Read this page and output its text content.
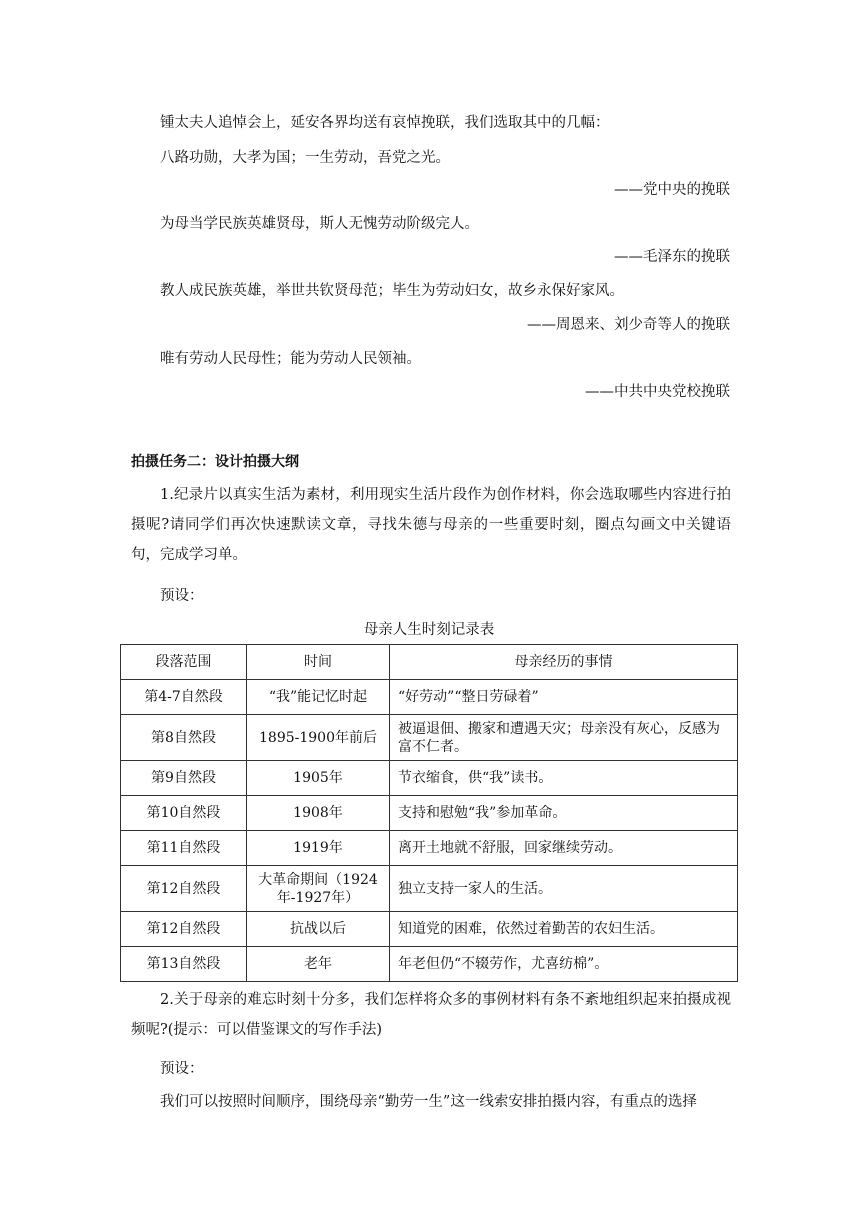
锺太夫人追悼会上，延安各界均送有哀悼挽联，我们选取其中的几幅：
八路功勋，大孝为国；一生劳动，吾党之光。
——党中央的挽联
为母当学民族英雄贤母，斯人无愧劳动阶级完人。
——毛泽东的挽联
教人成民族英雄，举世共钦贤母范；毕生为劳动妇女，故乡永保好家风。
——周恩来、刘少奇等人的挽联
唯有劳动人民母性；能为劳动人民领袖。
——中共中央党校挽联
拍摄任务二：设计拍摄大纲
1.纪录片以真实生活为素材，利用现实生活片段作为创作材料，你会选取哪些内容进行拍摄呢?请同学们再次快速默读文章，寻找朱德与母亲的一些重要时刻，圈点勾画文中关键语句，完成学习单。
预设：
母亲人生时刻记录表
段落范围	时间	母亲经历的事情
第4-7自然段	“我”能记忆时起	“好劳动”“整日劳碌着”
第8自然段	1895-1900年前后	被逼退佃、搬家和遭遇天灾；母亲没有灰心，反感为富不仁者。
第9自然段	1905年	节衣缩食，供“我”读书。
第10自然段	1908年	支持和慰勉“我”参加革命。
第11自然段	1919年	离开土地就不舒服，回家继续劳动。
第12自然段	大革命期间（1924年-1927年）	独立支持一家人的生活。
第12自然段	抗战以后	知道党的困难，依然过着勤苦的农妇生活。
第13自然段	老年	年老但仍“不辍劳作，尤喜纺棉”。
2.关于母亲的难忘时刻十分多，我们怎样将众多的事例材料有条不紊地组织起来拍摄成视频呢?(提示：可以借鉴课文的写作手法)
预设：
我们可以按照时间顺序，围绕母亲“勤劳一生”这一线索安排拍摄内容，有重点的选择
